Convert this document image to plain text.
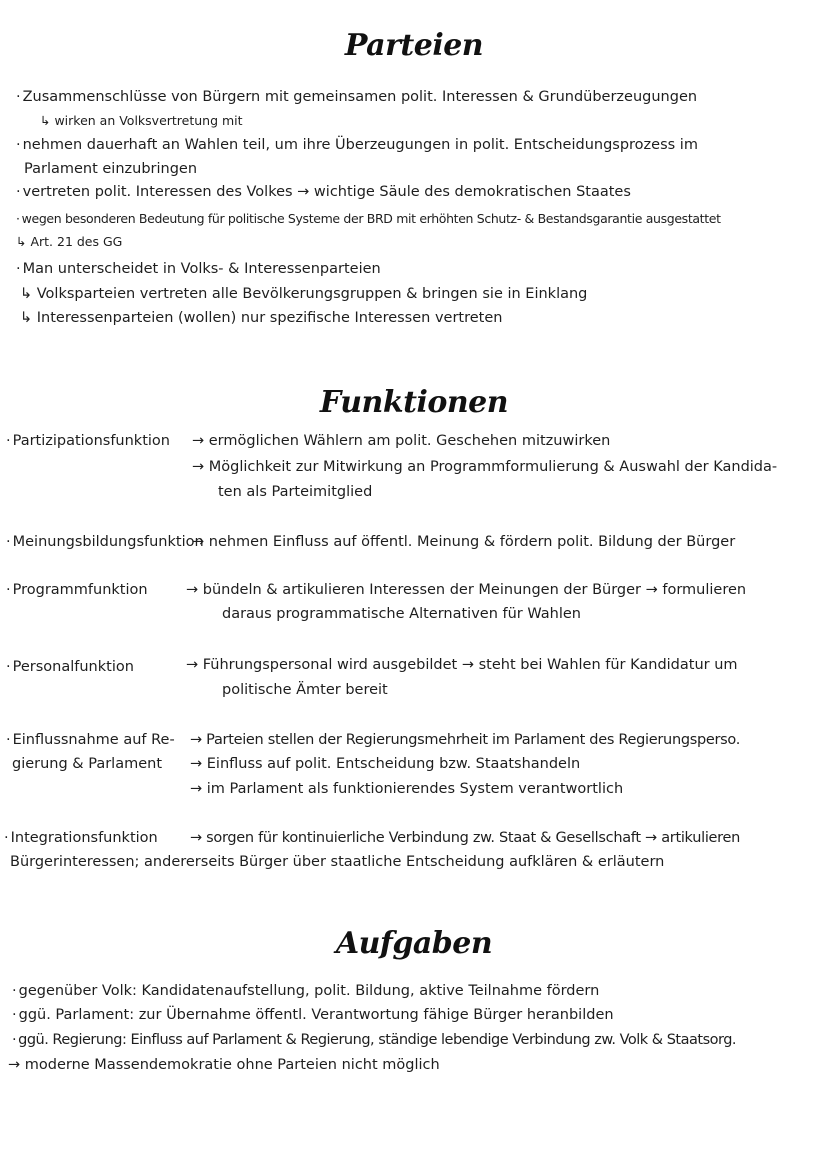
Parteien
· Zusammenschlüsse von Bürgern mit gemeinsamen polit. Interessen & Grundüberzeugungen
↳ wirken an Volksvertretung mit
· nehmen dauerhaft an Wahlen teil, um ihre Überzeugungen in polit. Entscheidungsprozess im
Parlament einzubringen
· vertreten polit. Interessen des Volkes → wichtige Säule des demokratischen Staates
· wegen besonderen Bedeutung für politische Systeme der BRD mit erhöhten Schutz- & Bestandsgarantie ausgestattet
↳ Art. 21 des GG
· Man unterscheidet in Volks- & Interessenparteien
↳ Volksparteien vertreten alle Bevölkerungsgruppen & bringen sie in Einklang
↳ Interessenparteien (wollen) nur spezifische Interessen vertreten
Funktionen
· Partizipationsfunktion → ermöglichen Wählern am polit. Geschehen mitzuwirken
→ Möglichkeit zur Mitwirkung an Programmformulierung & Auswahl der Kandida-
ten als Parteimitglied
· Meinungsbildungsfunktion
→ nehmen Einfluss auf öffentl. Meinung & fördern polit. Bildung der Bürger
· Programmfunktion	→ bündeln & artikulieren Interessen der Meinungen der Bürger → formulieren
daraus programmatische Alternativen für Wahlen
· Personalfunktion	→ Führungspersonal wird ausgebildet → steht bei Wahlen für Kandidatur um
politische Ämter bereit
· Einflussnahme auf Re-
gierung & Parlament
→ Parteien stellen der Regierungsmehrheit im Parlament des Regierungsperso.
→ Einfluss auf polit. Entscheidung bzw. Staatshandeln
→ im Parlament als funktionierendes System verantwortlich
· Integrationsfunktion → sorgen für kontinuierliche Verbindung zw. Staat & Gesellschaft → artikulieren
Bürgerinteressen; andererseits Bürger über staatliche Entscheidung aufklären & erläutern
Aufgaben
· gegenüber Volk: Kandidatenaufstellung, polit. Bildung, aktive Teilnahme fördern
· ggü. Parlament: zur Übernahme öffentl. Verantwortung fähige Bürger heranbilden
· ggü. Regierung: Einfluss auf Parlament & Regierung, ständige lebendige Verbindung zw. Volk & Staatsorg.
→ moderne Massendemokratie ohne Parteien nicht möglich
